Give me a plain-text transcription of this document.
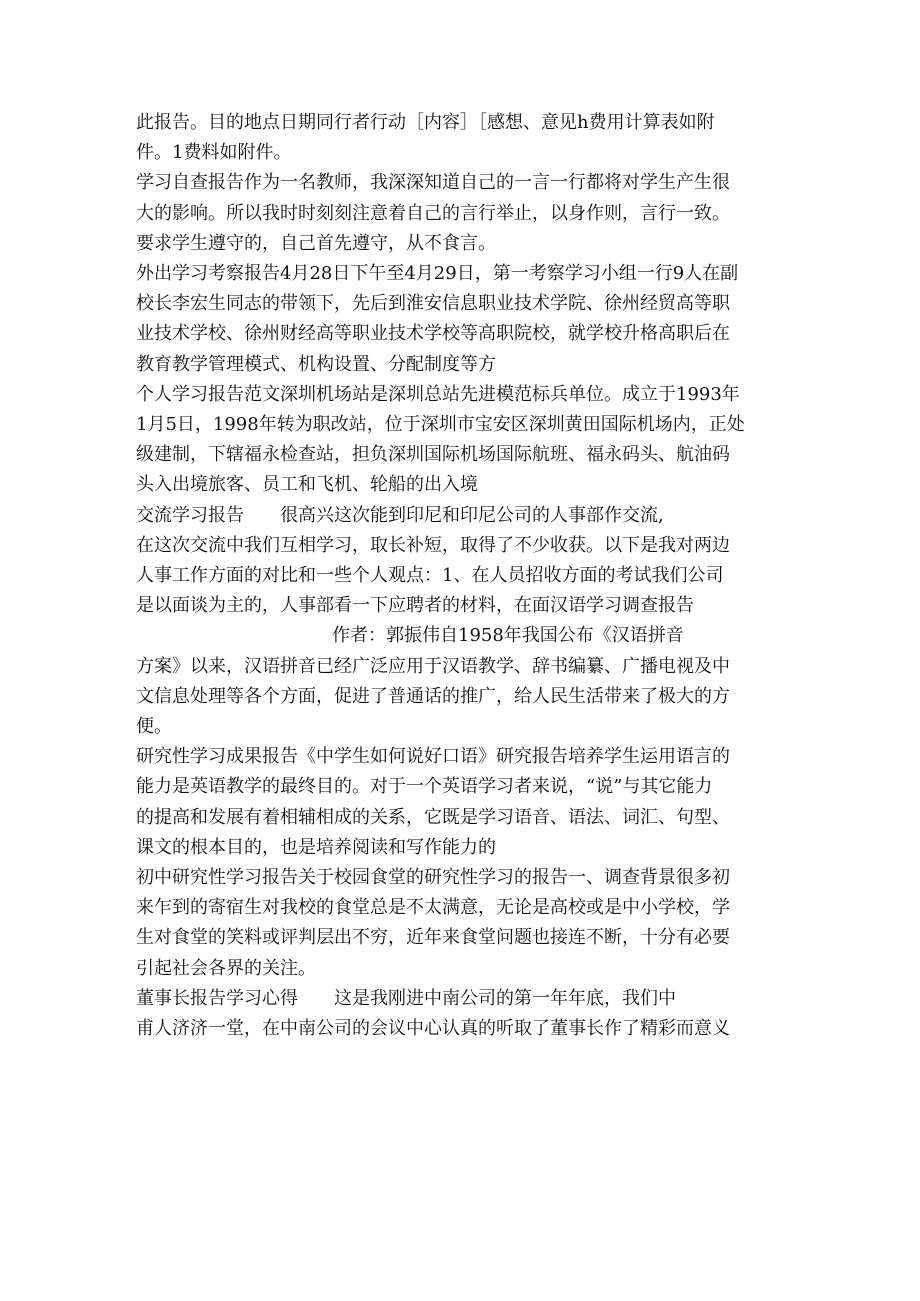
此报告。目的地点日期同行者行动［内容］［感想、意见h费用计算表如附
件。1费料如附件。
学习自查报告作为一名教师，我深深知道自己的一言一行都将对学生产生很
大的影响。所以我时时刻刻注意着自己的言行举止，以身作则，言行一致。
要求学生遵守的，自己首先遵守，从不食言。
外出学习考察报告4月28日下午至4月29日，第一考察学习小组一行9人在副
校长李宏生同志的带领下，先后到淮安信息职业技术学院、徐州经贸高等职
业技术学校、徐州财经高等职业技术学校等高职院校，就学校升格高职后在
教育教学管理模式、机构设置、分配制度等方
个人学习报告范文深圳机场站是深圳总站先进模范标兵单位。成立于1993年
1月5日，1998年转为职改站，位于深圳市宝安区深圳黄田国际机场内，正处
级建制，下辖福永检查站，担负深圳国际机场国际航班、福永码头、航油码
头入出境旅客、员工和飞机、轮船的出入境
交流学习报告　　很高兴这次能到印尼和印尼公司的人事部作交流,
在这次交流中我们互相学习，取长补短，取得了不少收获。以下是我对两边
人事工作方面的对比和一些个人观点：1、在人员招收方面的考试我们公司
是以面谈为主的，人事部看一下应聘者的材料，在面汉语学习调查报告
作者：郭振伟自1958年我国公布《汉语拼音
方案》以来，汉语拼音已经广泛应用于汉语教学、辞书编纂、广播电视及中
文信息处理等各个方面，促进了普通话的推广，给人民生活带来了极大的方
便。
研究性学习成果报告《中学生如何说好口语》研究报告培养学生运用语言的
能力是英语教学的最终目的。对于一个英语学习者来说，“说”与其它能力
的提高和发展有着相辅相成的关系，它既是学习语音、语法、词汇、句型、
课文的根本目的，也是培养阅读和写作能力的
初中研究性学习报告关于校园食堂的研究性学习的报告一、调查背景很多初
来乍到的寄宿生对我校的食堂总是不太满意，无论是高校或是中小学校，学
生对食堂的笑料或评判层出不穷，近年来食堂问题也接连不断，十分有必要
引起社会各界的关注。
董事长报告学习心得　　这是我刚进中南公司的第一年年底，我们中
甫人济济一堂，在中南公司的会议中心认真的听取了董事长作了精彩而意义
